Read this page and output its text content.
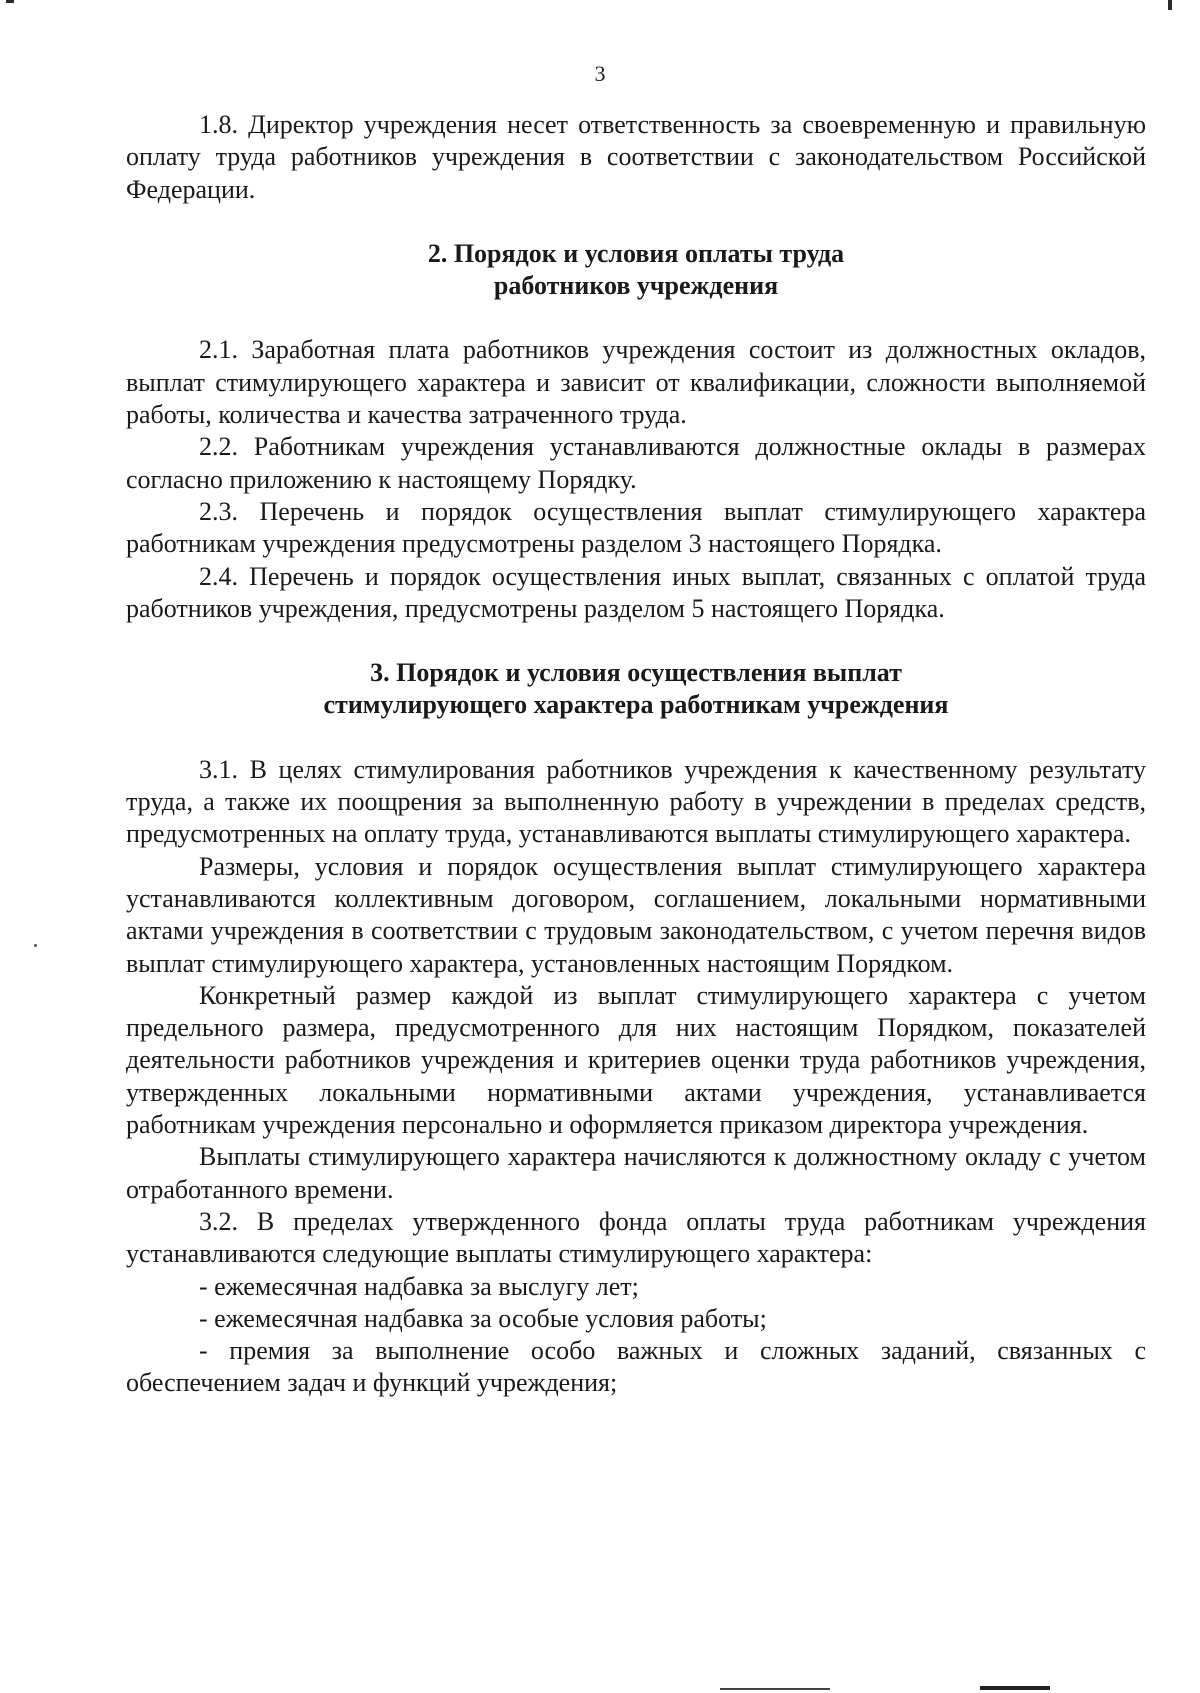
3

1.8. Директор учреждения несет ответственность за своевременную и правильную оплату труда работников учреждения в соответствии с законодательством Российской Федерации.

2. Порядок и условия оплаты труда
работников учреждения

2.1. Заработная плата работников учреждения состоит из должностных окладов, выплат стимулирующего характера и зависит от квалификации, сложности выполняемой работы, количества и качества затраченного труда.

2.2. Работникам учреждения устанавливаются должностные оклады в размерах согласно приложению к настоящему Порядку.

2.3. Перечень и порядок осуществления выплат стимулирующего характера работникам учреждения предусмотрены разделом 3 настоящего Порядка.

2.4. Перечень и порядок осуществления иных выплат, связанных с оплатой труда работников учреждения, предусмотрены разделом 5 настоящего Порядка.

3. Порядок и условия осуществления выплат
стимулирующего характера работникам учреждения

3.1. В целях стимулирования работников учреждения к качественному результату труда, а также их поощрения за выполненную работу в учреждении в пределах средств, предусмотренных на оплату труда, устанавливаются выплаты стимулирующего характера.

Размеры, условия и порядок осуществления выплат стимулирующего характера устанавливаются коллективным договором, соглашением, локальными нормативными актами учреждения в соответствии с трудовым законодательством, с учетом перечня видов выплат стимулирующего характера, установленных настоящим Порядком.

Конкретный размер каждой из выплат стимулирующего характера с учетом предельного размера, предусмотренного для них настоящим Порядком, показателей деятельности работников учреждения и критериев оценки труда работников учреждения, утвержденных локальными нормативными актами учреждения, устанавливается работникам учреждения персонально и оформляется приказом директора учреждения.

Выплаты стимулирующего характера начисляются к должностному окладу с учетом отработанного времени.

3.2. В пределах утвержденного фонда оплаты труда работникам учреждения устанавливаются следующие выплаты стимулирующего характера:

- ежемесячная надбавка за выслугу лет;

- ежемесячная надбавка за особые условия работы;

- премия за выполнение особо важных и сложных заданий, связанных с обеспечением задач и функций учреждения;
